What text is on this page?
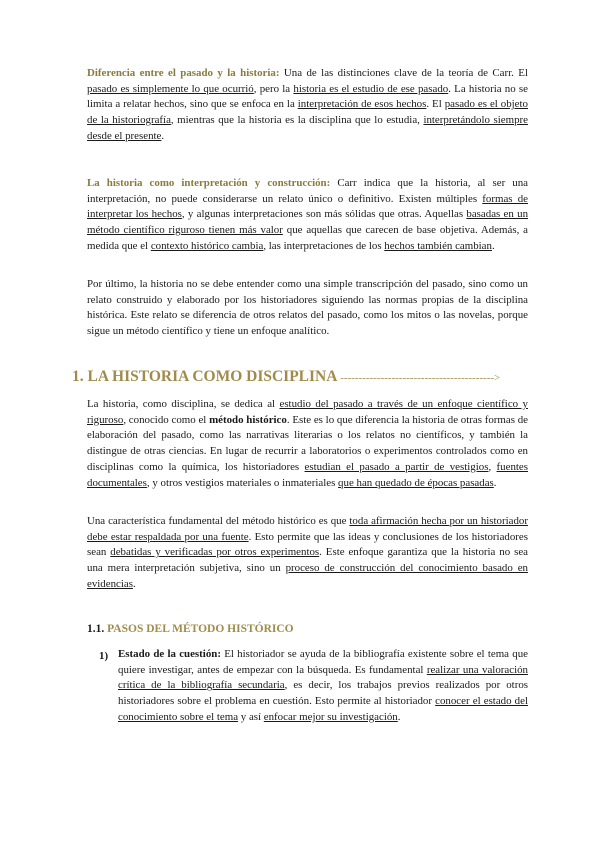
Diferencia entre el pasado y la historia: Una de las distinciones clave de la teoría de Carr. El pasado es simplemente lo que ocurrió, pero la historia es el estudio de ese pasado. La historia no se limita a relatar hechos, sino que se enfoca en la interpretación de esos hechos. El pasado es el objeto de la historiografía, mientras que la historia es la disciplina que lo estudia, interpretándolo siempre desde el presente.

La historia como interpretación y construcción: Carr indica que la historia, al ser una interpretación, no puede considerarse un relato único o definitivo. Existen múltiples formas de interpretar los hechos, y algunas interpretaciones son más sólidas que otras. Aquellas basadas en un método científico riguroso tienen más valor que aquellas que carecen de base objetiva. Además, a medida que el contexto histórico cambia, las interpretaciones de los hechos también cambian.

Por último, la historia no se debe entender como una simple transcripción del pasado, sino como un relato construido y elaborado por los historiadores siguiendo las normas propias de la disciplina histórica. Este relato se diferencia de otros relatos del pasado, como los mitos o las novelas, porque sigue un método científico y tiene un enfoque analítico.

1. LA HISTORIA COMO DISCIPLINA ------------------------------------------>

La historia, como disciplina, se dedica al estudio del pasado a través de un enfoque científico y riguroso, conocido como el método histórico. Este es lo que diferencia la historia de otras formas de elaboración del pasado, como las narrativas literarias o los relatos no científicos, y también la distingue de otras ciencias. En lugar de recurrir a laboratorios o experimentos controlados como en disciplinas como la química, los historiadores estudian el pasado a partir de vestigios, fuentes documentales, y otros vestigios materiales o inmateriales que han quedado de épocas pasadas.

Una característica fundamental del método histórico es que toda afirmación hecha por un historiador debe estar respaldada por una fuente. Esto permite que las ideas y conclusiones de los historiadores sean debatidas y verificadas por otros experimentos. Este enfoque garantiza que la historia no sea una mera interpretación subjetiva, sino un proceso de construcción del conocimiento basado en evidencias.

1.1. PASOS DEL MÉTODO HISTÓRICO
1) Estado de la cuestión: El historiador se ayuda de la bibliografía existente sobre el tema que quiere investigar, antes de empezar con la búsqueda. Es fundamental realizar una valoración crítica de la bibliografía secundaria, es decir, los trabajos previos realizados por otros historiadores sobre el problema en cuestión. Esto permite al historiador conocer el estado del conocimiento sobre el tema y así enfocar mejor su investigación.
